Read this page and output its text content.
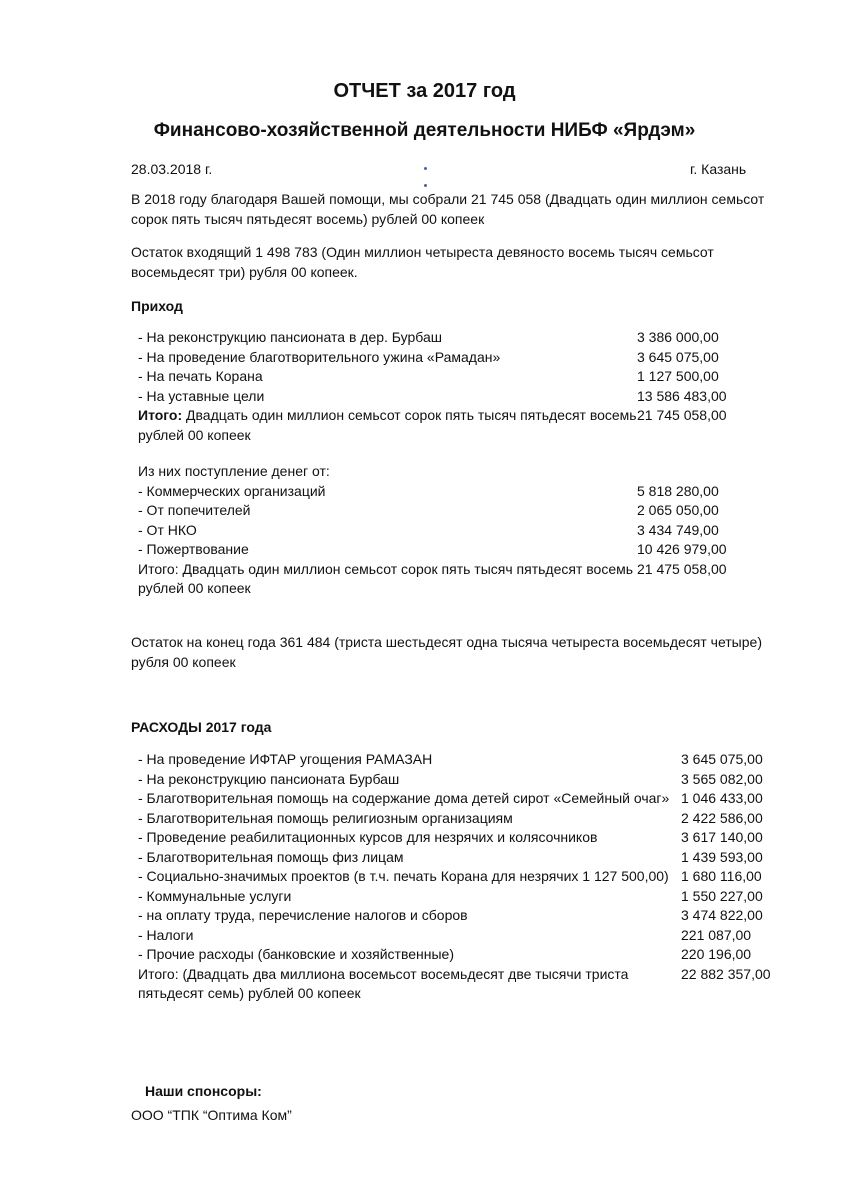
ОТЧЕТ за 2017 год
Финансово-хозяйственной деятельности НИБФ «Ярдэм»
28.03.2018 г.	г. Казань
В 2018 году благодаря Вашей помощи, мы собрали 21 745 058 (Двадцать один миллион семьсот сорок пять тысяч пятьдесят восемь) рублей 00 копеек
Остаток входящий 1 498 783 (Один миллион четыреста девяносто восемь тысяч семьсот восемьдесят три) рубля 00 копеек.
Приход
- На реконструкцию пансионата в дер. Бурбаш	3 386 000,00
- На проведение благотворительного ужина «Рамадан»	3 645 075,00
- На печать Корана	1 127 500,00
- На уставные цели	13 586 483,00
Итого: Двадцать один миллион семьсот сорок пять тысяч пятьдесят восемь рублей 00 копеек
21 745 058,00
Из них поступление денег от:
- Коммерческих организаций	5 818 280,00
- От попечителей	2 065 050,00
- От НКО	3 434 749,00
- Пожертвование	10 426 979,00
Итого: Двадцать один миллион семьсот сорок пять тысяч пятьдесят восемь рублей 00 копеек
21 475 058,00
Остаток на конец года 361 484 (триста шестьдесят одна тысяча четыреста восемьдесят четыре) рубля 00 копеек
РАСХОДЫ 2017 года
- На проведение ИФТАР угощения РАМАЗАН	3 645 075,00
- На реконструкцию пансионата Бурбаш	3 565 082,00
- Благотворительная помощь на содержание дома детей сирот «Семейный очаг» 1 046 433,00
- Благотворительная помощь религиозным организациям	2 422 586,00
- Проведение реабилитационных курсов для незрячих и колясочников	3 617 140,00
- Благотворительная помощь физ лицам	1 439 593,00
- Социально-значимых проектов (в т.ч. печать Корана для незрячих 1 127 500,00) 1 680 116,00
- Коммунальные услуги	1 550 227,00
- на оплату труда, перечисление налогов и сборов	3 474 822,00
- Налоги	221 087,00
- Прочие расходы (банковские и хозяйственные)	220 196,00
Итого: (Двадцать два миллиона восемьсот восемьдесят две тысячи триста пятьдесят семь) рублей 00 копеек
22 882 357,00
Наши спонсоры:
ООО “ТПК “Оптима Ком”
